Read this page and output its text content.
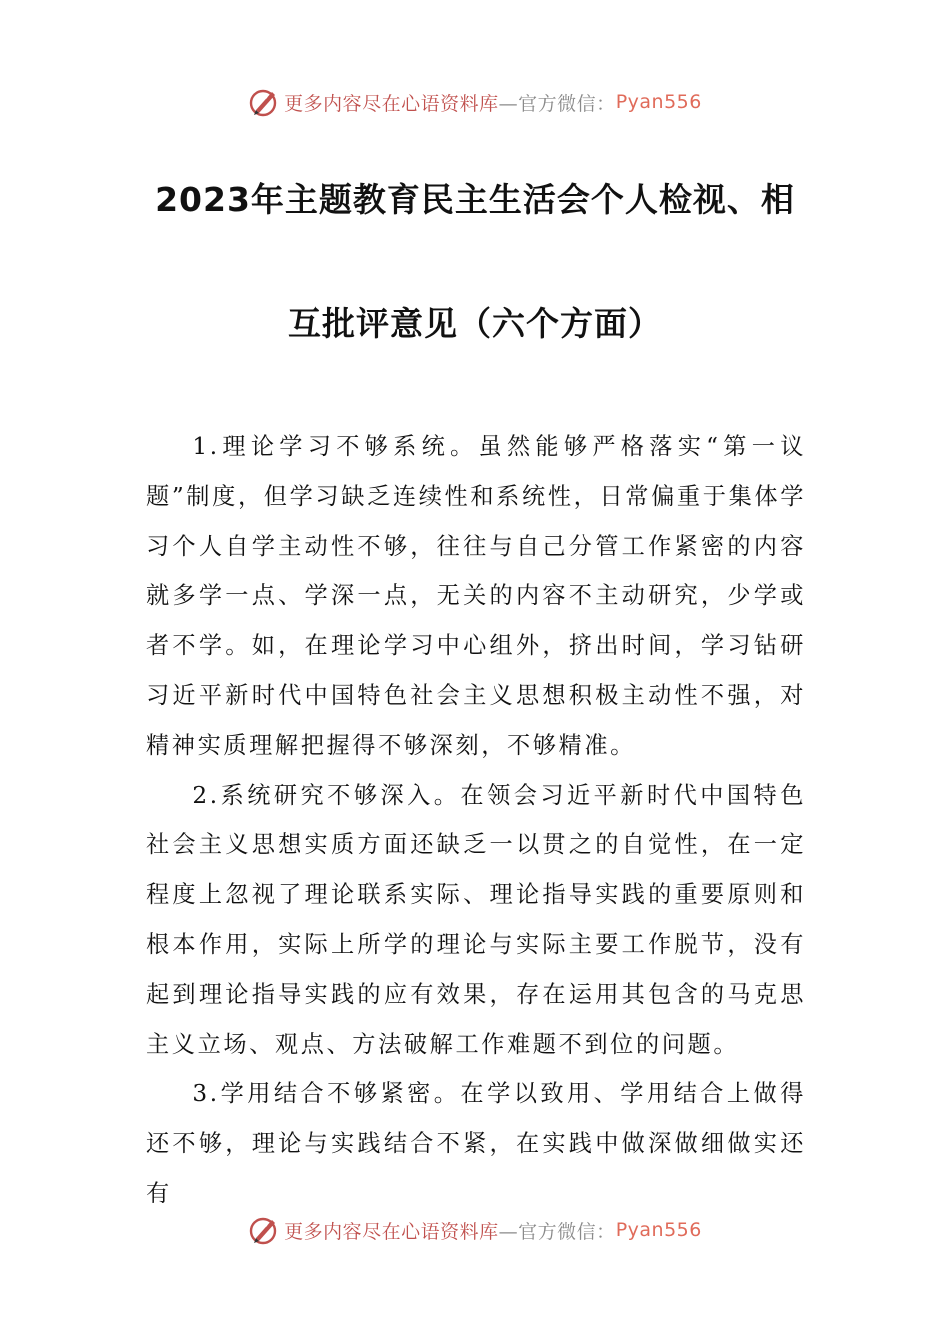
更多内容尽在心语资料库 —官方微信： Pyan556
2023年主题教育民主生活会个人检视、相
互批评意见（六个方面）

1.理论学习不够系统。虽然能够严格落实“第一议题”制度，但学习缺乏连续性和系统性，日常偏重于集体学习个人自学主动性不够，往往与自己分管工作紧密的内容就多学一点、学深一点，无关的内容不主动研究，少学或者不学。如，在理论学习中心组外，挤出时间，学习钻研习近平新时代中国特色社会主义思想积极主动性不强，对精神实质理解把握得不够深刻，不够精准。

2.系统研究不够深入。在领会习近平新时代中国特色社会主义思想实质方面还缺乏一以贯之的自觉性，在一定程度上忽视了理论联系实际、理论指导实践的重要原则和根本作用，实际上所学的理论与实际主要工作脱节，没有起到理论指导实践的应有效果，存在运用其包含的马克思主义立场、观点、方法破解工作难题不到位的问题。

3.学用结合不够紧密。在学以致用、学用结合上做得还不够，理论与实践结合不紧，在实践中做深做细做实还有

更多内容尽在心语资料库 —官方微信： Pyan556
